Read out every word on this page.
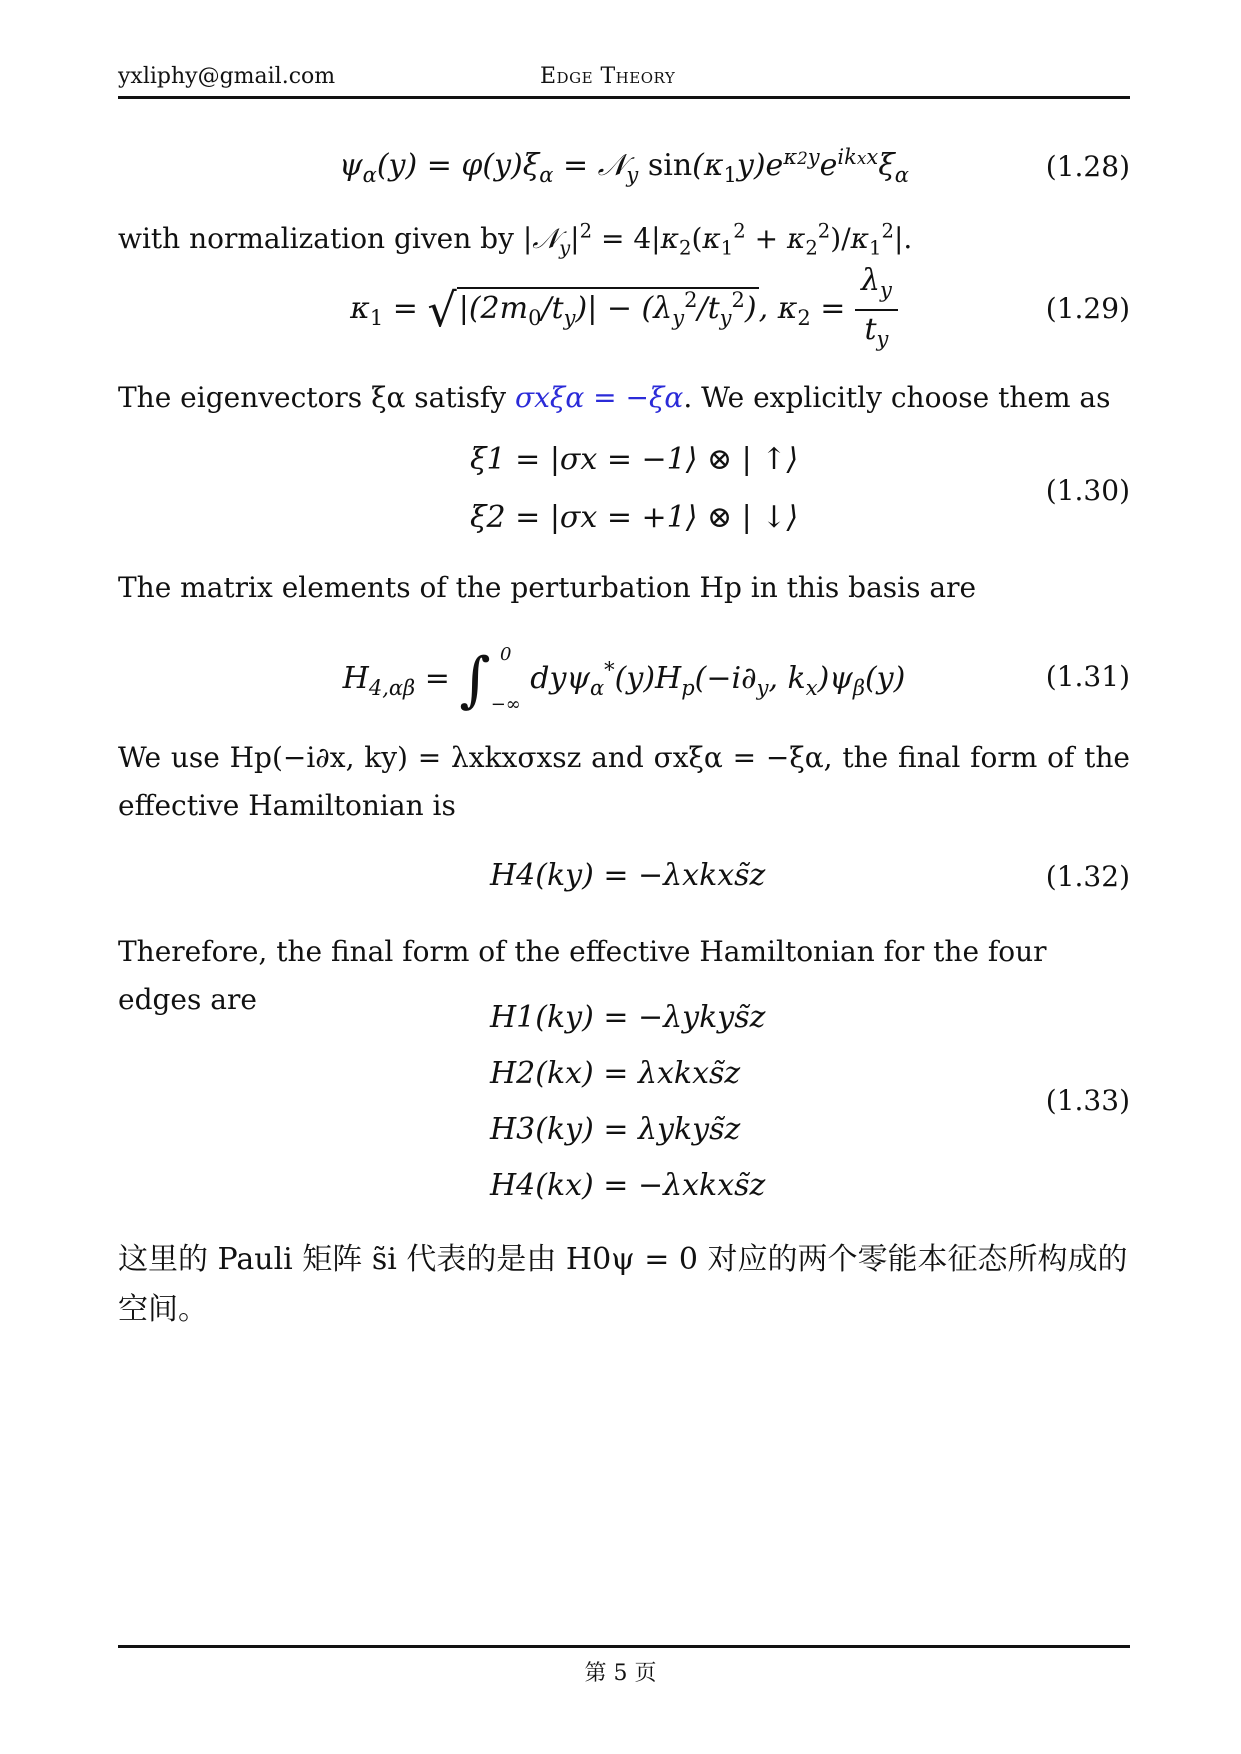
yxliphy@gmail.com	Edge Theory
$\psi_\alpha(y) = \varphi(y)\xi_\alpha$ = 𝒩$_y$ $\sin(\kappa_1y)e^{\kappa 2y}e^{ikxx}\xi_\alpha$	(1.28)
with normalization given by $|𝒩_y|^2 = 4|\kappa_2(\kappa_1^2 + \kappa_2^2)/\kappa_1^2|$.
$\kappa_1 = √|(2m_0/t_y)| - (\lambda_y^2/t_y^2)$, $\kappa_2 = \frac{\lambda_y}{t_y}$	(1.29)
The eigenvectors ξα satisfy σxξα = −ξα. We explicitly choose them as
ξ1 = |σx = −1⟩ ⊗ | ↑⟩
ξ2 = |σx = +1⟩ ⊗ | ↓⟩
(1.30)
The matrix elements of the perturbation Hp in this basis are
$H_{4,\alpha\beta}$ = ∫ 0
−∞ $dy\psi_\alpha^*(y)H_p(-i\partial_y$, $k_x)\psi_\beta(y)$	(1.31)
We use Hp(−i∂x, ky) = λxkxσxsz and σxξα = −ξα, the final form of the effective Hamiltonian is
H4(ky) = −λxkxs̃z	(1.32)
Therefore, the final form of the effective Hamiltonian for the four edges are
H1(ky) = −λykys̃z
H2(kx) = λxkxs̃z
H3(ky) = λykys̃z
H4(kx) = −λxkxs̃z
(1.33)
这里的 Pauli 矩阵 s̃i 代表的是由 H0ψ = 0 对应的两个零能本征态所构成的空间。
第 5 页
